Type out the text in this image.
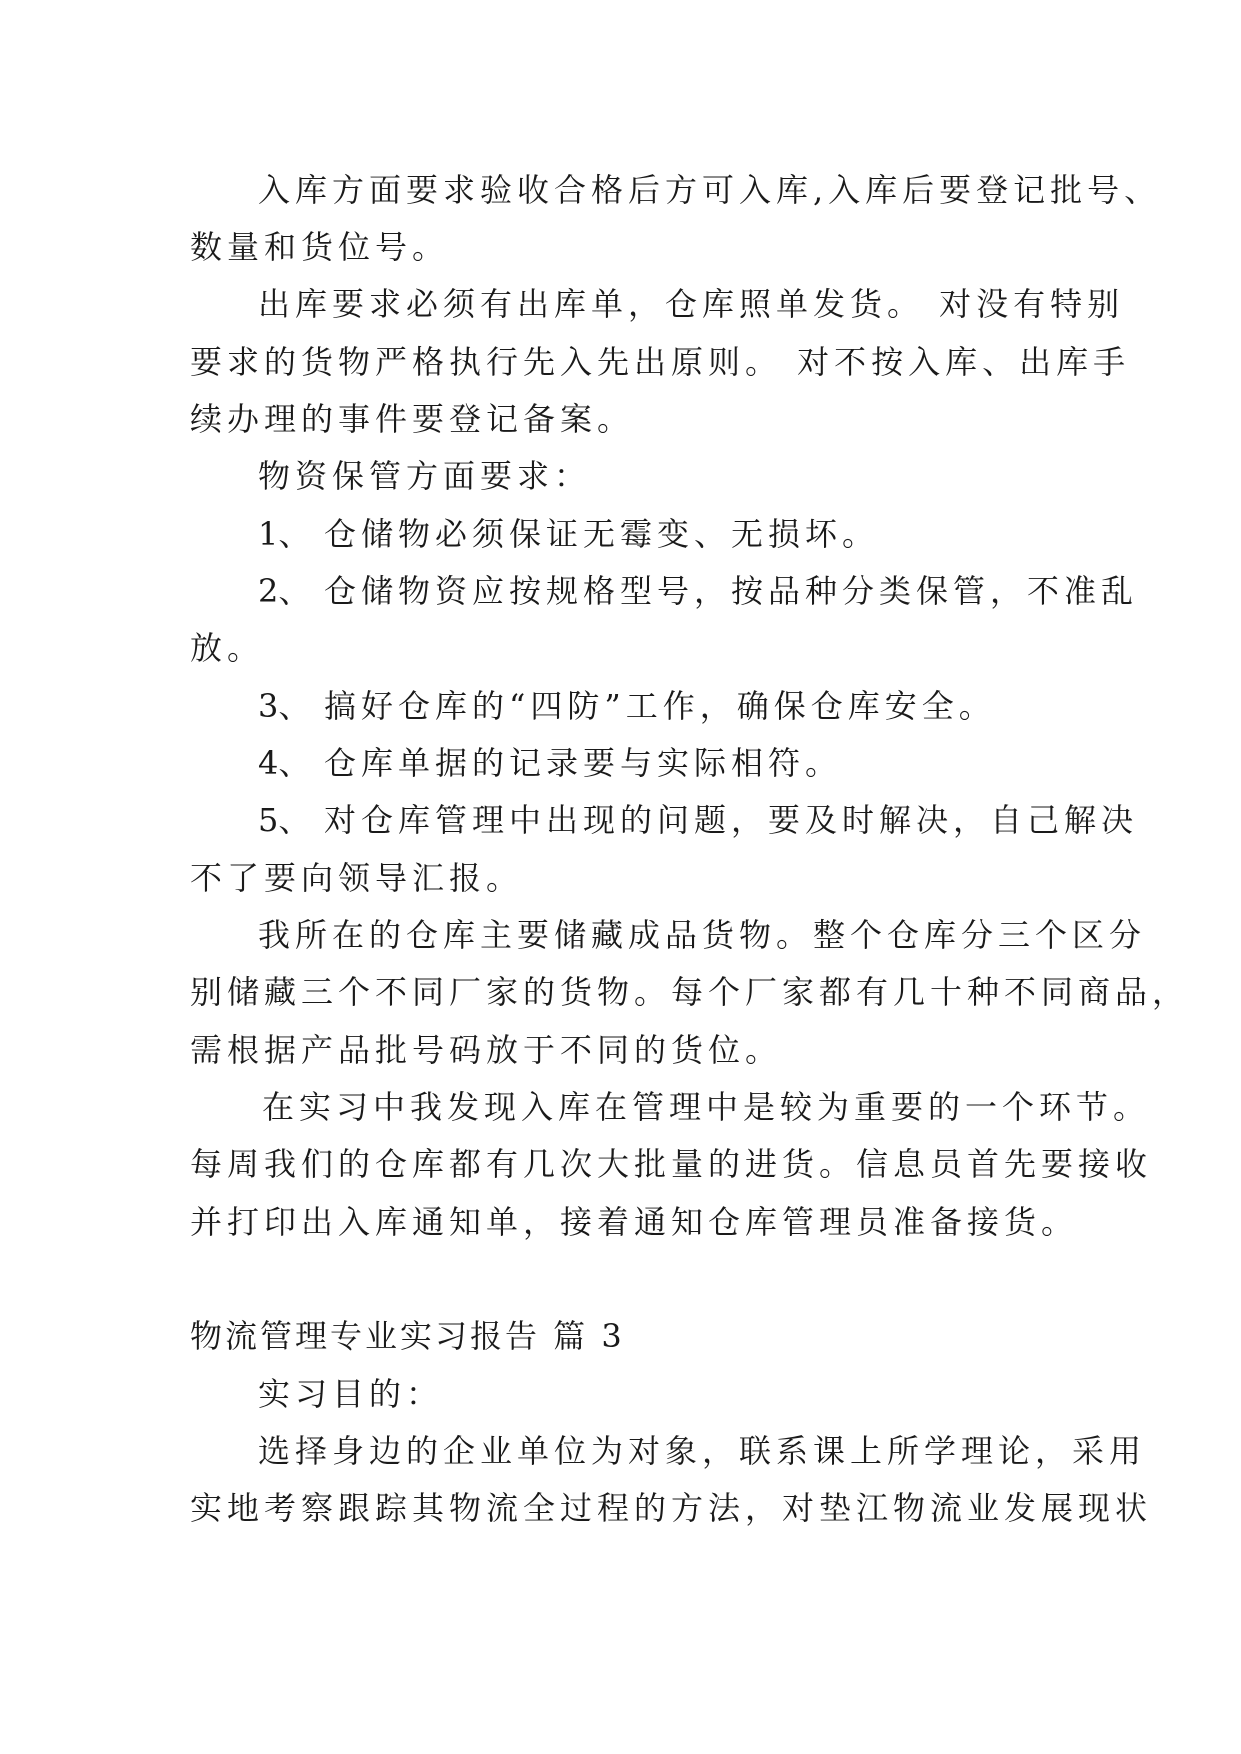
入库方面要求验收合格后方可入库,入库后要登记批号、
数量和货位号。
出库要求必须有出库单，仓库照单发货。 对没有特别
要求的货物严格执行先入先出原则。 对不按入库、出库手
续办理的事件要登记备案。
物资保管方面要求：
1、 仓储物必须保证无霉变、无损坏。
2、 仓储物资应按规格型号，按品种分类保管，不准乱
放。
3、 搞好仓库的“四防”工作，确保仓库安全。
4、 仓库单据的记录要与实际相符。
5、 对仓库管理中出现的问题，要及时解决，自己解决
不了要向领导汇报。
我所在的仓库主要储藏成品货物。整个仓库分三个区分
别储藏三个不同厂家的货物。每个厂家都有几十种不同商品，
需根据产品批号码放于不同的货位。
在实习中我发现入库在管理中是较为重要的一个环节。
每周我们的仓库都有几次大批量的进货。信息员首先要接收
并打印出入库通知单，接着通知仓库管理员准备接货。
物流管理专业实习报告 篇 3
实习目的：
选择身边的企业单位为对象，联系课上所学理论，采用
实地考察跟踪其物流全过程的方法，对垫江物流业发展现状
